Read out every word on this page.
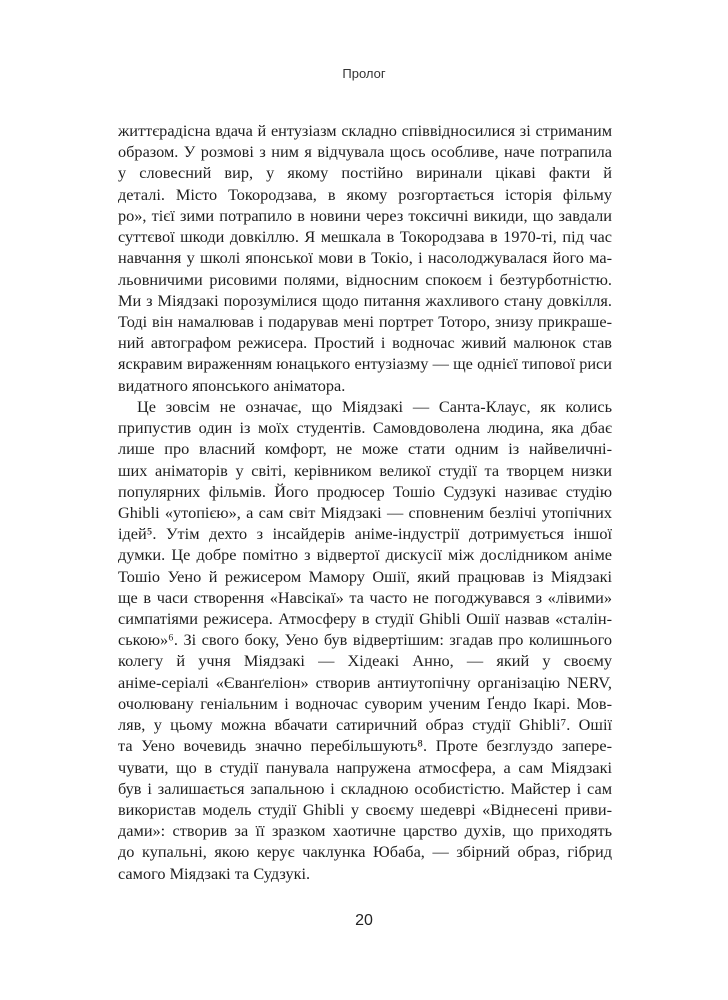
Пролог
життєрадісна вдача й ентузіазм складно співвідносилися зі стриманим
образом. У розмові з ним я відчувала щось особливе, наче потрапила
у словесний вир, у якому постійно виринали цікаві факти й
деталі. Місто Токородзава, в якому розгортається історія фільму
ро», тієї зими потрапило в новини через токсичні викиди, що завдали
суттєвої шкоди довкіллю. Я мешкала в Токородзава в 1970-ті, під час
навчання у школі японської мови в Токіо, і насолоджувалася його ма-
льовничими рисовими полями, відносним спокоєм і безтурботністю.
Ми з Міядзакі порозумілися щодо питання жахливого стану довкілля.
Тоді він намалював і подарував мені портрет Тоторо, знизу прикраше-
ний автографом режисера. Простий і водночас живий малюнок став
яскравим вираженням юнацького ентузіазму — ще однієї типової риси
видатного японського аніматора.
Це зовсім не означає, що Міядзакі — Санта-Клаус, як колись
припустив один із моїх студентів. Самовдоволена людина, яка дбає
лише про власний комфорт, не може стати одним із найвеличні-
ших аніматорів у світі, керівником великої студії та творцем низки
популярних фільмів. Його продюсер Тошіо Судзукі називає студію
Ghibli «утопією», а сам світ Міядзакі — сповненим безлічі утопічних
ідей⁵. Утім дехто з інсайдерів аніме-індустрії дотримується іншої
думки. Це добре помітно з відвертої дискусії між дослідником аніме
Тошіо Уено й режисером Мамору Ошії, який працював із Міядзакі
ще в часи створення «Навсікаї» та часто не погоджувався з «лівими»
симпатіями режисера. Атмосферу в студії Ghibli Ошії назвав «сталін-
ською»⁶. Зі свого боку, Уено був відвертішим: згадав про колишнього
колегу й учня Міядзакі — Хідеакі Анно, — який у своєму
аніме-серіалі «Єванґеліон» створив антиутопічну організацію NERV,
очолювану геніальним і водночас суворим ученим Ґендо Ікарі. Мов-
ляв, у цьому можна вбачати сатиричний образ студії Ghibli⁷. Ошії
та Уено вочевидь значно перебільшують⁸. Проте безглуздо запере-
чувати, що в студії панувала напружена атмосфера, а сам Міядзакі
був і залишається запальною і складною особистістю. Майстер і сам
використав модель студії Ghibli у своєму шедеврі «Віднесені приви-
дами»: створив за її зразком хаотичне царство духів, що приходять
до купальні, якою керує чаклунка Юбаба, — збірний образ, гібрид
самого Міядзакі та Судзукі.
20
